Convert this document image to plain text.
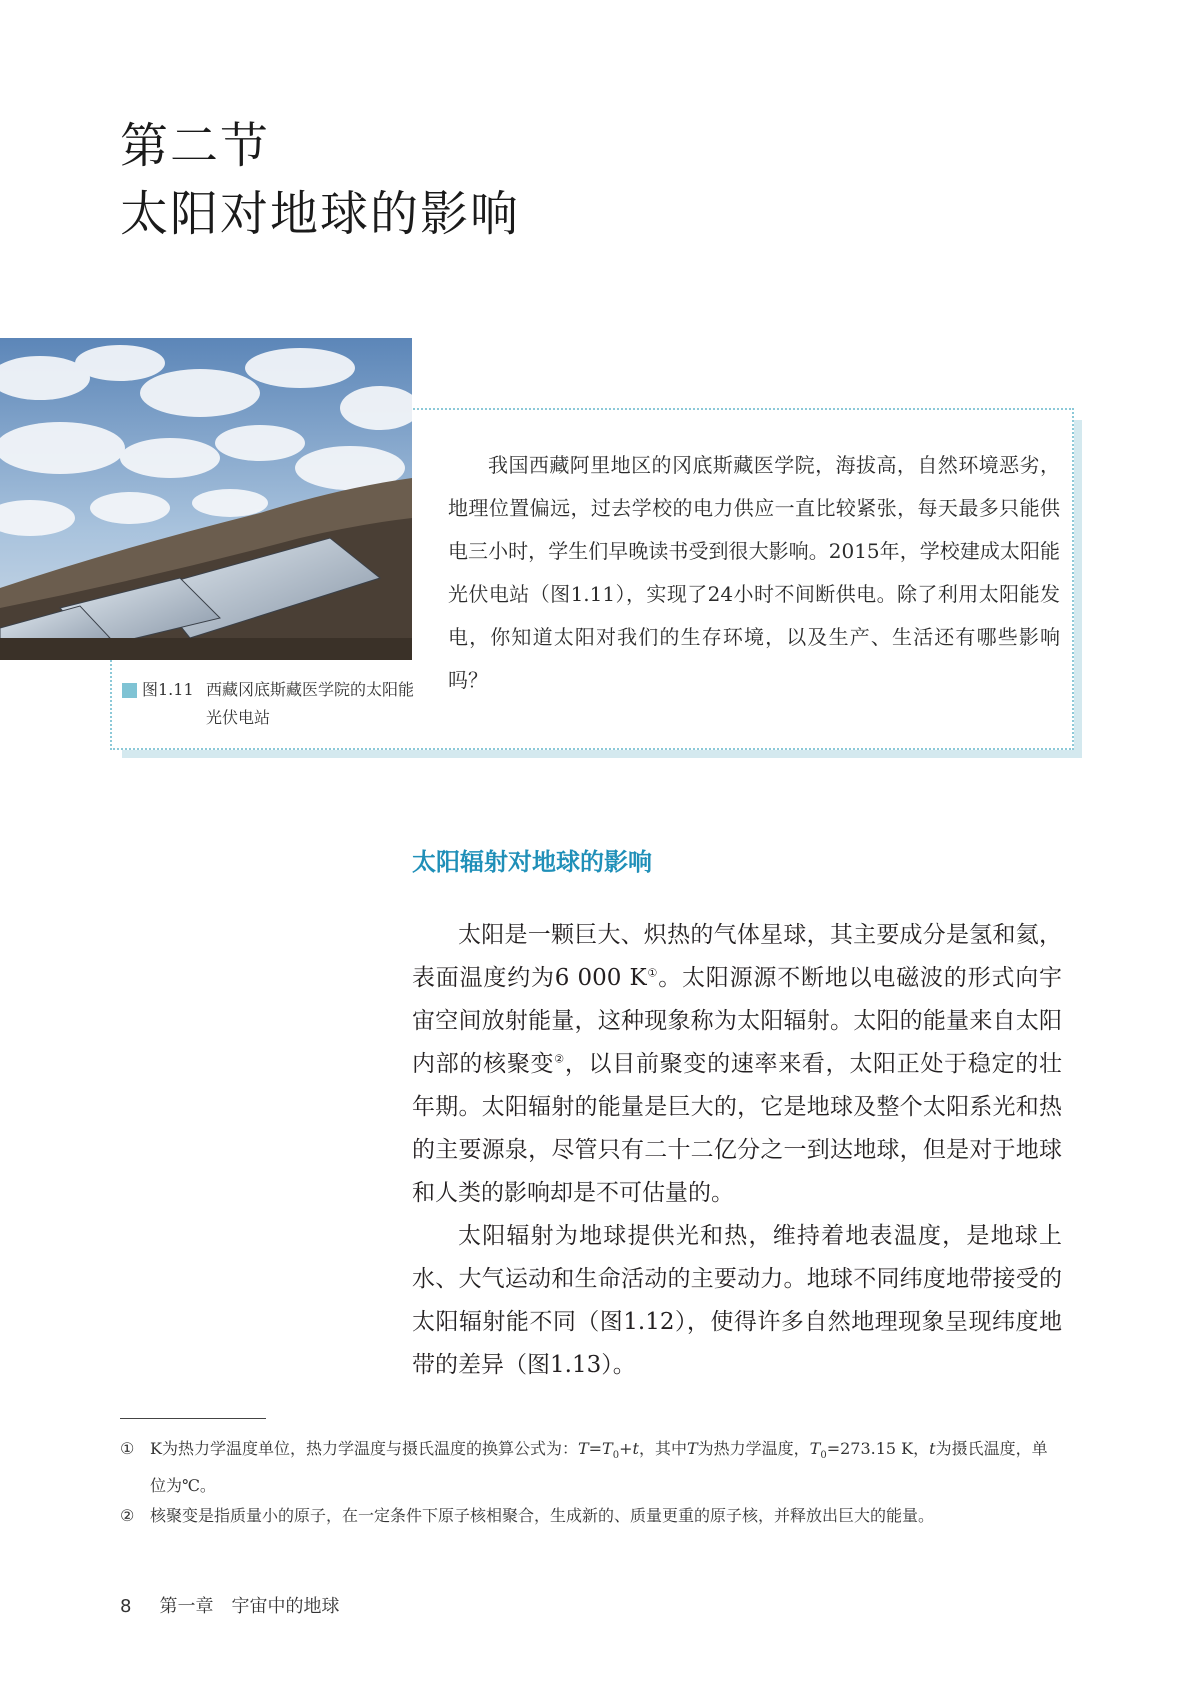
第二节
太阳对地球的影响
图1.11 西藏冈底斯藏医学院的太阳能光伏电站
我国西藏阿里地区的冈底斯藏医学院，海拔高，自然环境恶劣，地理位置偏远，过去学校的电力供应一直比较紧张，每天最多只能供电三小时，学生们早晚读书受到很大影响。2015年，学校建成太阳能光伏电站（图1.11），实现了24小时不间断供电。除了利用太阳能发电，你知道太阳对我们的生存环境，以及生产、生活还有哪些影响吗？
太阳辐射对地球的影响

太阳是一颗巨大、炽热的气体星球，其主要成分是氢和氦，表面温度约为6 000 K①。太阳源源不断地以电磁波的形式向宇宙空间放射能量，这种现象称为太阳辐射。太阳的能量来自太阳内部的核聚变②，以目前聚变的速率来看，太阳正处于稳定的壮年期。太阳辐射的能量是巨大的，它是地球及整个太阳系光和热的主要源泉，尽管只有二十二亿分之一到达地球，但是对于地球和人类的影响却是不可估量的。

太阳辐射为地球提供光和热，维持着地表温度，是地球上水、大气运动和生命活动的主要动力。地球不同纬度地带接受的太阳辐射能不同（图1.12），使得许多自然地理现象呈现纬度地带的差异（图1.13）。

① K为热力学温度单位，热力学温度与摄氏温度的换算公式为：$T=T_0+t$，其中T为热力学温度，$T_0=273.15$ K，t为摄氏温度，单位为℃。
② 核聚变是指质量小的原子，在一定条件下原子核相聚合，生成新的、质量更重的原子核，并释放出巨大的能量。
8 第一章　宇宙中的地球
